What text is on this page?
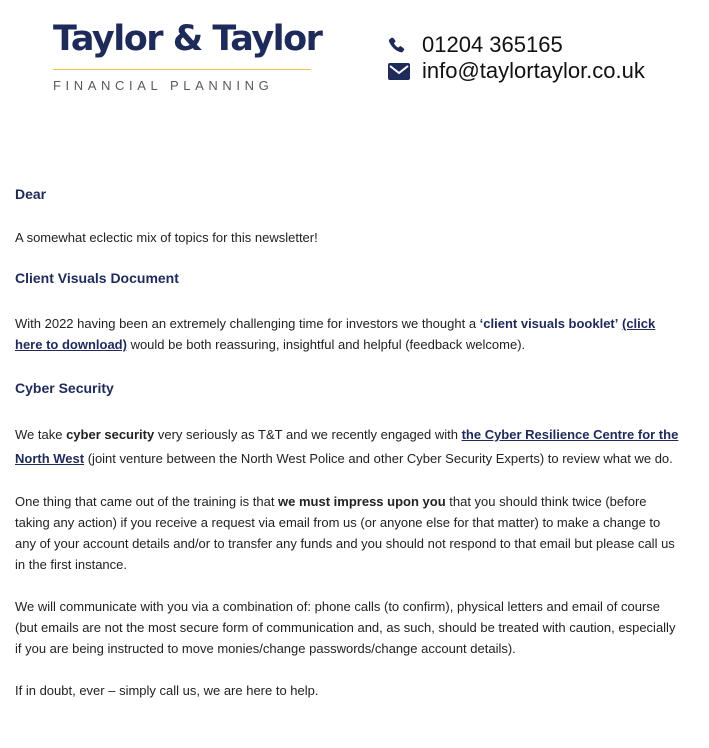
Taylor & Taylor
FINANCIAL PLANNING
01204 365165
info@taylortaylor.co.uk
Dear

A somewhat eclectic mix of topics for this newsletter!

Client Visuals Document

With 2022 having been an extremely challenging time for investors we thought a ‘client visuals booklet’ (click here to download) would be both reassuring, insightful and helpful (feedback welcome).

Cyber Security

We take cyber security very seriously as T&T and we recently engaged with the Cyber Resilience Centre for the North West (joint venture between the North West Police and other Cyber Security Experts) to review what we do.

One thing that came out of the training is that we must impress upon you that you should think twice (before taking any action) if you receive a request via email from us (or anyone else for that matter) to make a change to any of your account details and/or to transfer any funds and you should not respond to that email but please call us in the first instance.

We will communicate with you via a combination of: phone calls (to confirm), physical letters and email of course (but emails are not the most secure form of communication and, as such, should be treated with caution, especially if you are being instructed to move monies/change passwords/change account details).

If in doubt, ever – simply call us, we are here to help.
